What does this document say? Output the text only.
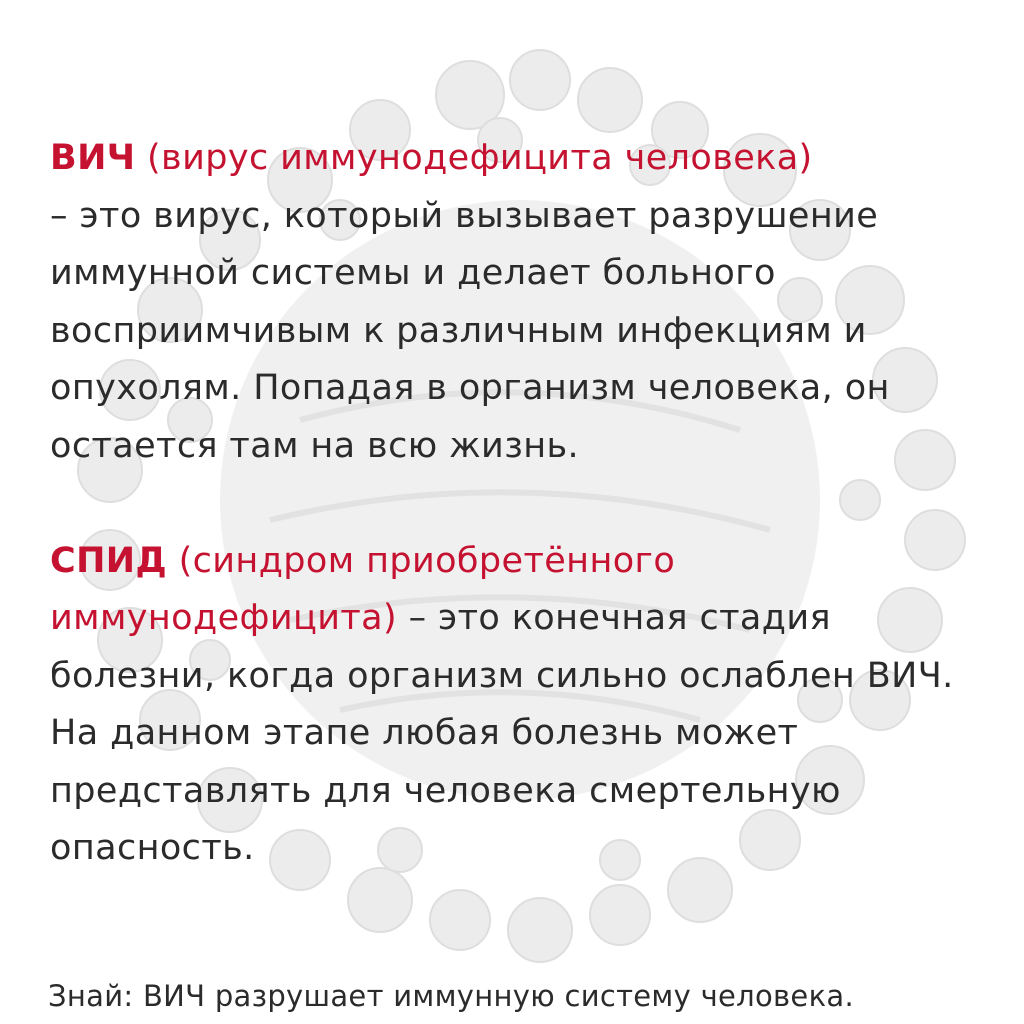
ВИЧ (вирус иммунодефицита человека)
– это вирус, который вызывает разрушение иммунной системы и делает больного восприимчивым к различным инфекциям и опухолям. Попадая в организм человека, он остается там на всю жизнь.

СПИД (синдром приобретённого иммунодефицита) – это конечная стадия болезни, когда организм сильно ослаблен ВИЧ. На данном этапе любая болезнь может представлять для человека смертельную опасность.

Знай: ВИЧ разрушает иммунную систему человека.
